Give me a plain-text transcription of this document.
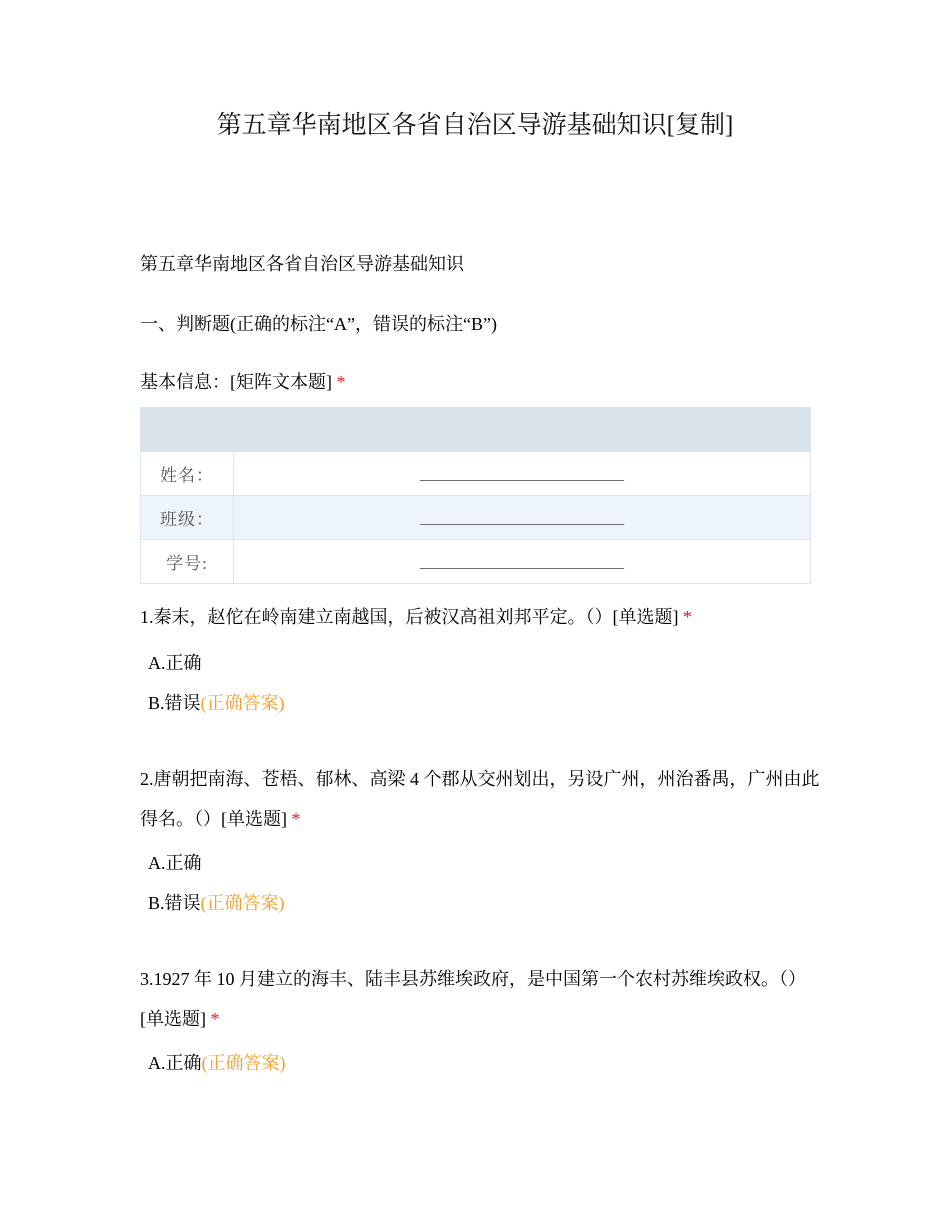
第五章华南地区各省自治区导游基础知识[复制]
第五章华南地区各省自治区导游基础知识
一、判断题(正确的标注“A”，错误的标注“B”)
基本信息：[矩阵文本题] *

姓名：	________________________
班级：	________________________
学号:	________________________
1.秦末，赵佗在岭南建立南越国，后被汉高祖刘邦平定。（）[单选题] *
A.正确
B.错误(正确答案)
2.唐朝把南海、苍梧、郁林、高梁 4 个郡从交州划出，另设广州，州治番禺，广州由此得名。（）[单选题] *
A.正确
B.错误(正确答案)
3.1927 年 10 月建立的海丰、陆丰县苏维埃政府，是中国第一个农村苏维埃政权。（）[单选题] *
A.正确(正确答案)
